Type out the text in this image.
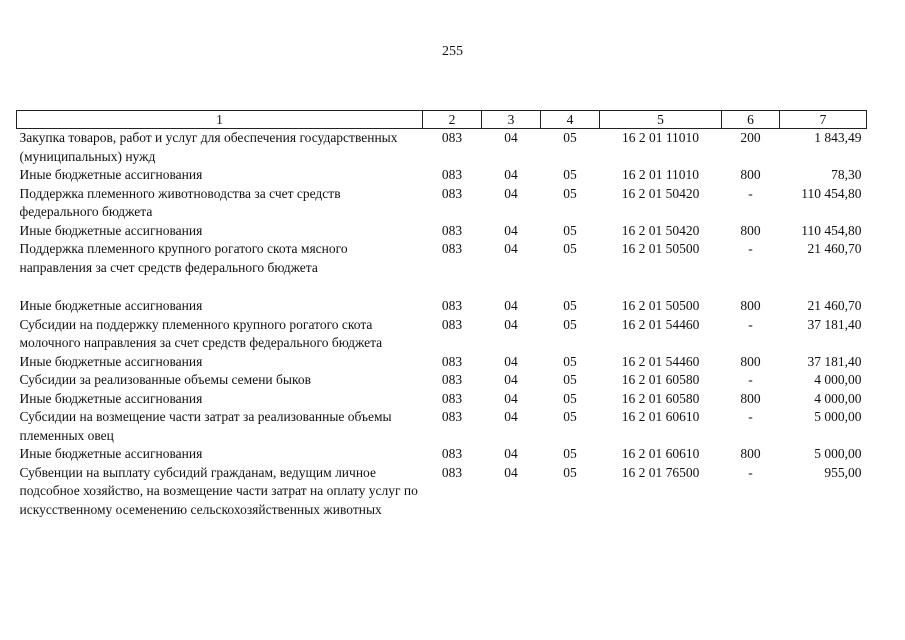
255
1	2	3	4	5	6	7
Закупка товаров, работ и услуг для обеспечения государственных (муниципальных) нужд	083	04	05	16 2 01 11010	200	1 843,49
Иные бюджетные ассигнования	083	04	05	16 2 01 11010	800	78,30
Поддержка племенного животноводства за счет средств федерального бюджета	083	04	05	16 2 01 50420	-	110 454,80
Иные бюджетные ассигнования	083	04	05	16 2 01 50420	800	110 454,80
Поддержка племенного крупного рогатого скота мясного направления за счет средств федерального бюджета	083	04	05	16 2 01 50500	-	21 460,70
Иные бюджетные ассигнования	083	04	05	16 2 01 50500	800	21 460,70
Субсидии на поддержку племенного крупного рогатого скота молочного направления за счет средств федерального бюджета	083	04	05	16 2 01 54460	-	37 181,40
Иные бюджетные ассигнования	083	04	05	16 2 01 54460	800	37 181,40
Субсидии за реализованные объемы семени быков	083	04	05	16 2 01 60580	-	4 000,00
Иные бюджетные ассигнования	083	04	05	16 2 01 60580	800	4 000,00
Субсидии на возмещение части затрат за реализованные объемы племенных овец	083	04	05	16 2 01 60610	-	5 000,00
Иные бюджетные ассигнования	083	04	05	16 2 01 60610	800	5 000,00
Субвенции на выплату субсидий гражданам, ведущим личное подсобное хозяйство, на возмещение части затрат на оплату услуг по искусственному осеменению сельскохозяйственных животных	083	04	05	16 2 01 76500	-	955,00
